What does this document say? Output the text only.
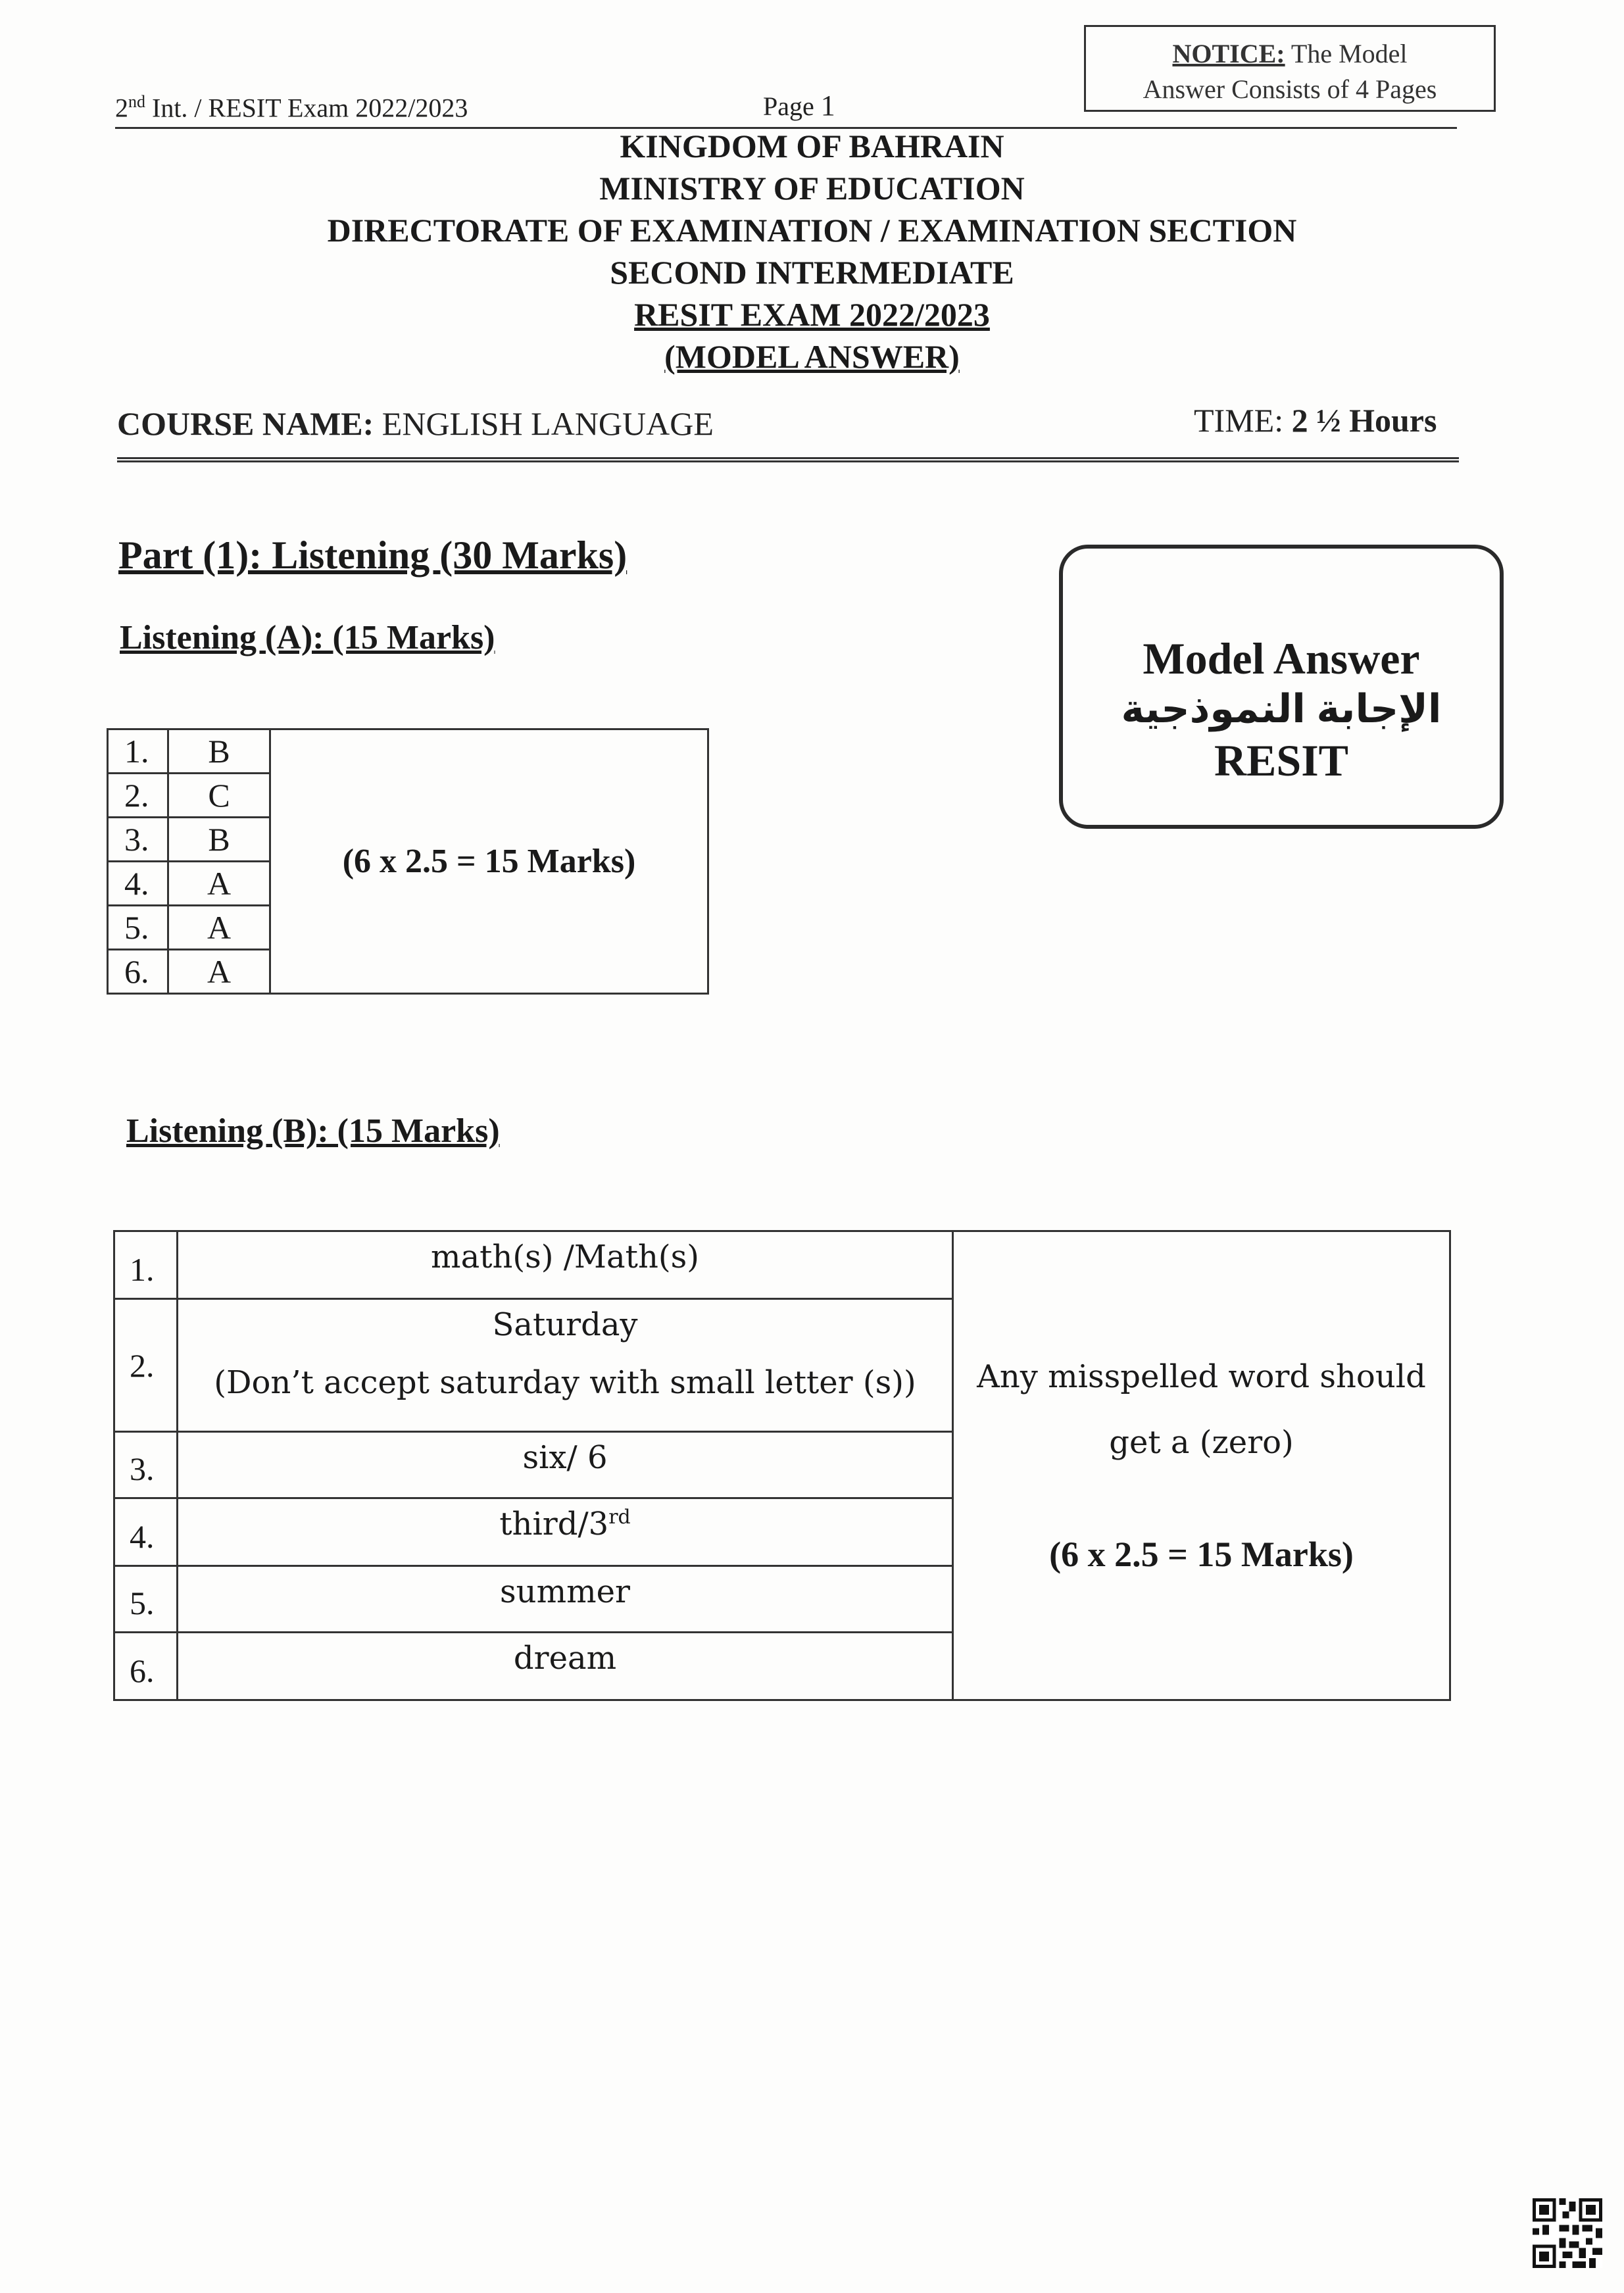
2nd Int. / RESIT Exam 2022/2023	Page 1
NOTICE: The Model
Answer Consists of 4 Pages
KINGDOM OF BAHRAIN
MINISTRY OF EDUCATION
DIRECTORATE OF EXAMINATION / EXAMINATION SECTION
SECOND INTERMEDIATE
RESIT EXAM 2022/2023
(MODEL ANSWER)
COURSE NAME: ENGLISH LANGUAGE	TIME: 2 ½ Hours
Part (1): Listening (30 Marks)
Listening (A): (15 Marks)	Model Answer
الإجابة النموذجية
RESIT
1.	B	(6 x 2.5 = 15 Marks)
2.	C	
3.	B	
4.	A	
5.	A	
6.	A	
Listening (B): (15 Marks)
1.	math(s) /Math(s)	Any misspelled word should
get a (zero)
(6 x 2.5 = 15 Marks)

2.	Saturday
(Don’t accept saturday with small letter (s))	

3.	six/ 6	
4.	third/3rd
5.	summer	
6.	dream	
